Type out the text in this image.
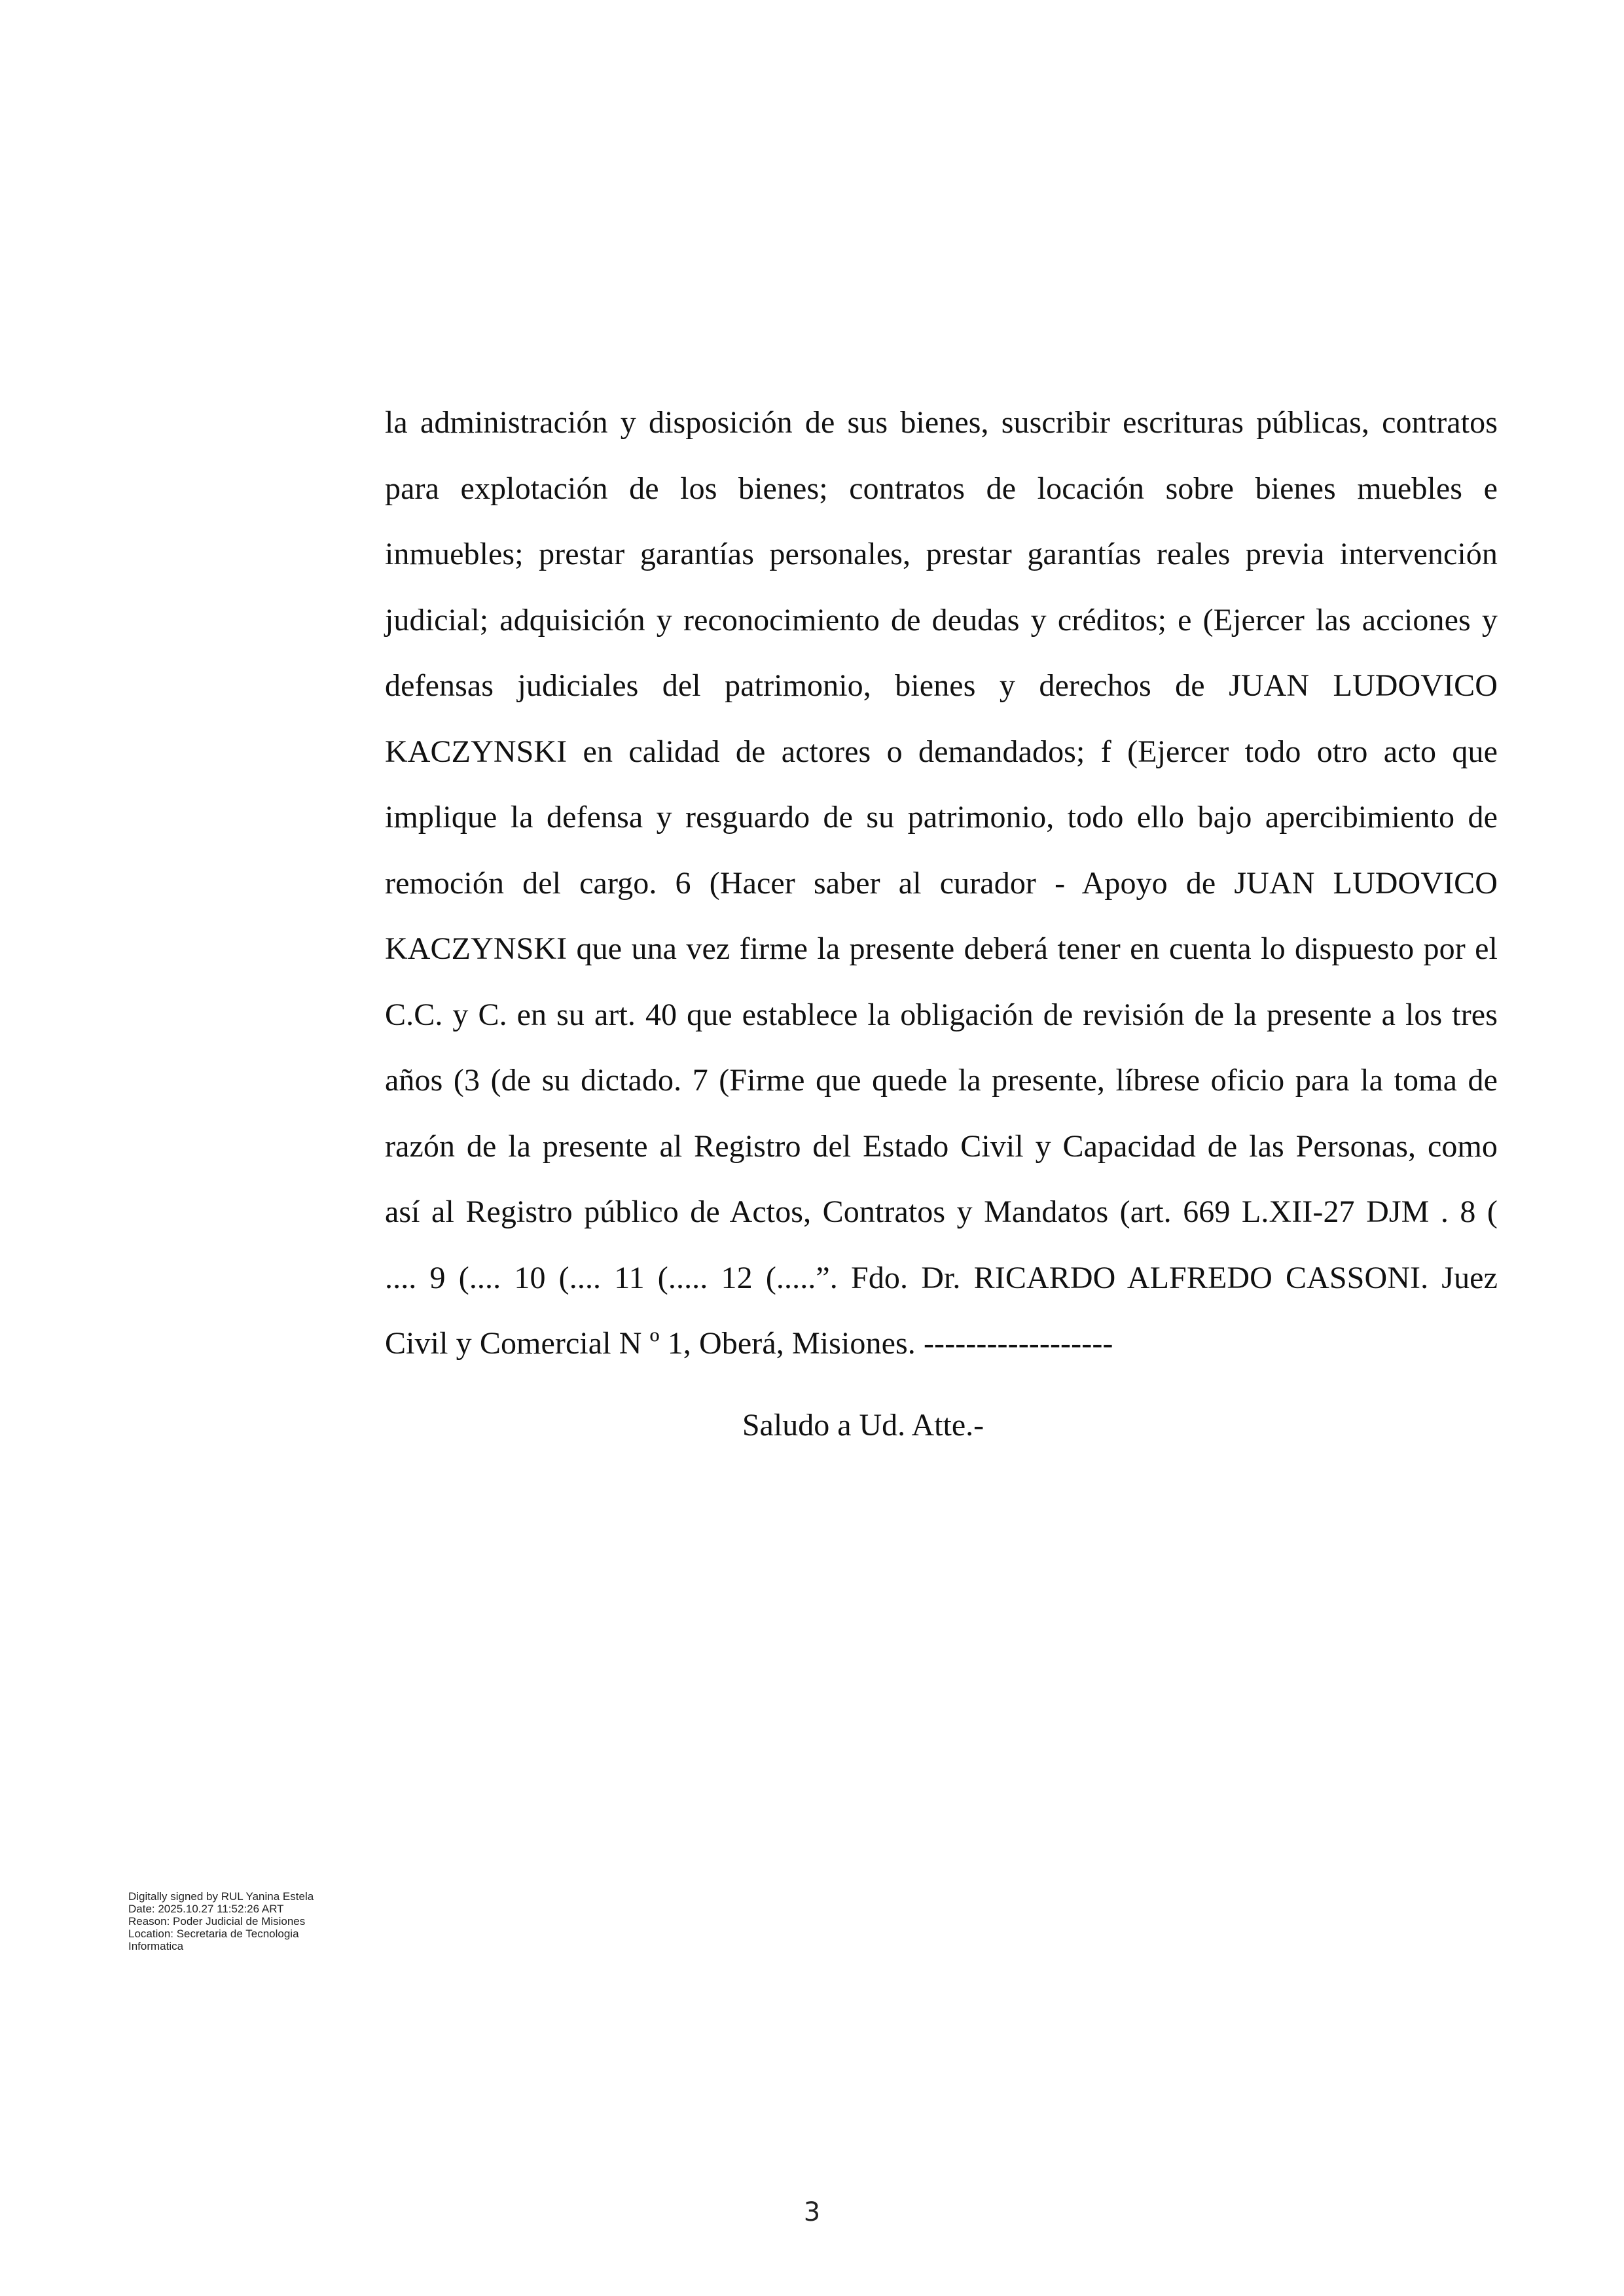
la administración y disposición de sus bienes, suscribir escrituras públicas, contratos
para explotación de los bienes; contratos de locación sobre bienes muebles e
inmuebles; prestar garantías personales, prestar garantías reales previa intervención
judicial; adquisición y reconocimiento de deudas y créditos; e (Ejercer las acciones y
defensas judiciales del patrimonio, bienes y derechos de JUAN LUDOVICO
KACZYNSKI en calidad de actores o demandados; f (Ejercer todo otro acto que
implique la defensa y resguardo de su patrimonio, todo ello bajo apercibimiento de
remoción del cargo. 6 (Hacer saber al curador - Apoyo de JUAN LUDOVICO
KACZYNSKI que una vez firme la presente deberá tener en cuenta lo dispuesto por el
C.C. y C. en su art. 40 que establece la obligación de revisión de la presente a los tres
años (3 (de su dictado. 7 (Firme que quede la presente, líbrese oficio para la toma de
razón de la presente al Registro del Estado Civil y Capacidad de las Personas, como
así al Registro público de Actos, Contratos y Mandatos (art. 669 L.XII-27 DJM . 8 (
.... 9 (.... 10 (.... 11 (..... 12 (.....”. Fdo. Dr. RICARDO ALFREDO CASSONI. Juez
Civil y Comercial N º 1, Oberá, Misiones. ------------------

Saludo a Ud. Atte.-

Digitally signed by RUL Yanina Estela
Date: 2025.10.27 11:52:26 ART
Reason: Poder Judicial de Misiones
Location: Secretaria de Tecnologia
Informatica
3
